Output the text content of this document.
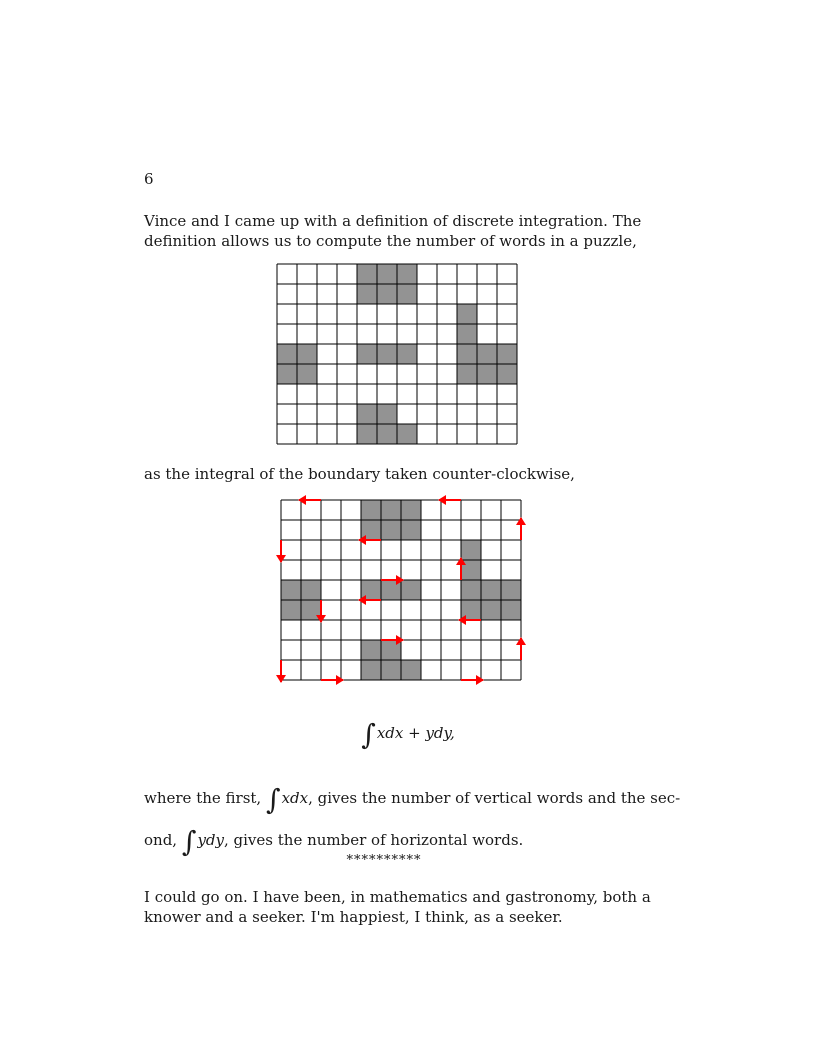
6

Vince and I came up with a definition of discrete integration. The
definition allows us to compute the number of words in a puzzle,

as the integral of the boundary taken counter-clockwise,

∫xdx + ydy,

where the first, ∫xdx, gives the number of vertical words and the sec-
ond, ∫ydy, gives the number of horizontal words.

**********

I could go on. I have been, in mathematics and gastronomy, both a
knower and a seeker. I'm happiest, I think, as a seeker.
